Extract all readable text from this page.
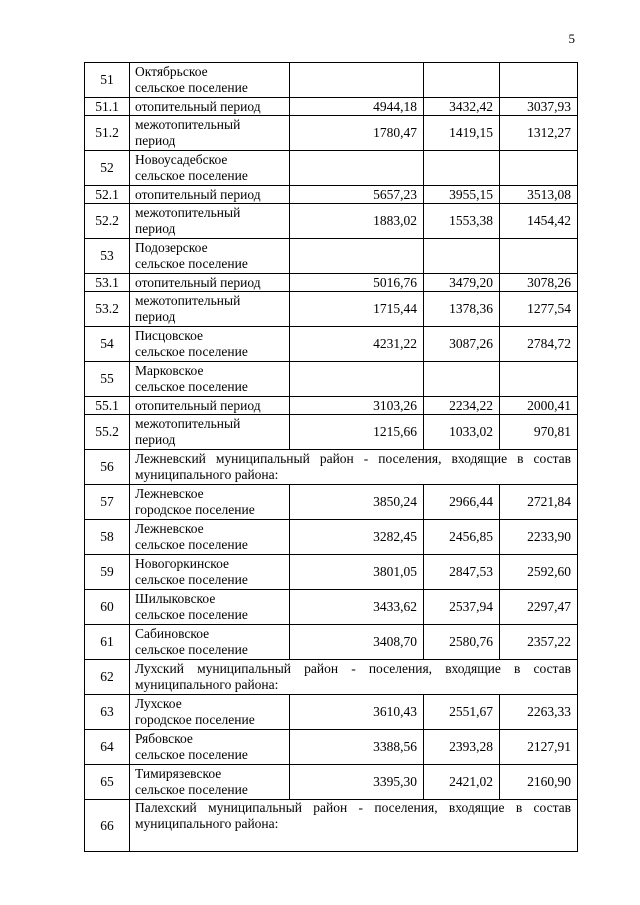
5
51	Октябрьское
сельское поселение			

51.1	отопительный период	4944,18	3432,42	3037,93
51.2	межотопительный
период	1780,47	1419,15	1312,27
52	Новоусадебское
сельское поселение			

52.1	отопительный период	5657,23	3955,15	3513,08
52.2	межотопительный
период	1883,02	1553,38	1454,42
53	Подозерское
сельское поселение			

53.1	отопительный период	5016,76	3479,20	3078,26
53.2	межотопительный
период	1715,44	1378,36	1277,54
54	Писцовское
сельское поселение	4231,22	3087,26	2784,72
55	Марковское
сельское поселение			

55.1	отопительный период	3103,26	2234,22	2000,41
55.2	межотопительный
период	1215,66	1033,02	970,81
56	Лежневский муниципальный район - поселения, входящие в состав муниципального района:			
57	Лежневское
городское поселение	3850,24	2966,44	2721,84
58	Лежневское
сельское поселение	3282,45	2456,85	2233,90
59	Новогоркинское
сельское поселение	3801,05	2847,53	2592,60
60	Шилыковское
сельское поселение	3433,62	2537,94	2297,47
61	Сабиновское
сельское поселение	3408,70	2580,76	2357,22
62	Лухский муниципальный район - поселения, входящие в состав муниципального района:			
63	Лухское
городское поселение	3610,43	2551,67	2263,33
64	Рябовское
сельское поселение	3388,56	2393,28	2127,91
65	Тимирязевское
сельское поселение	3395,30	2421,02	2160,90
66	Палехский муниципальный район - поселения, входящие в состав муниципального района:			
